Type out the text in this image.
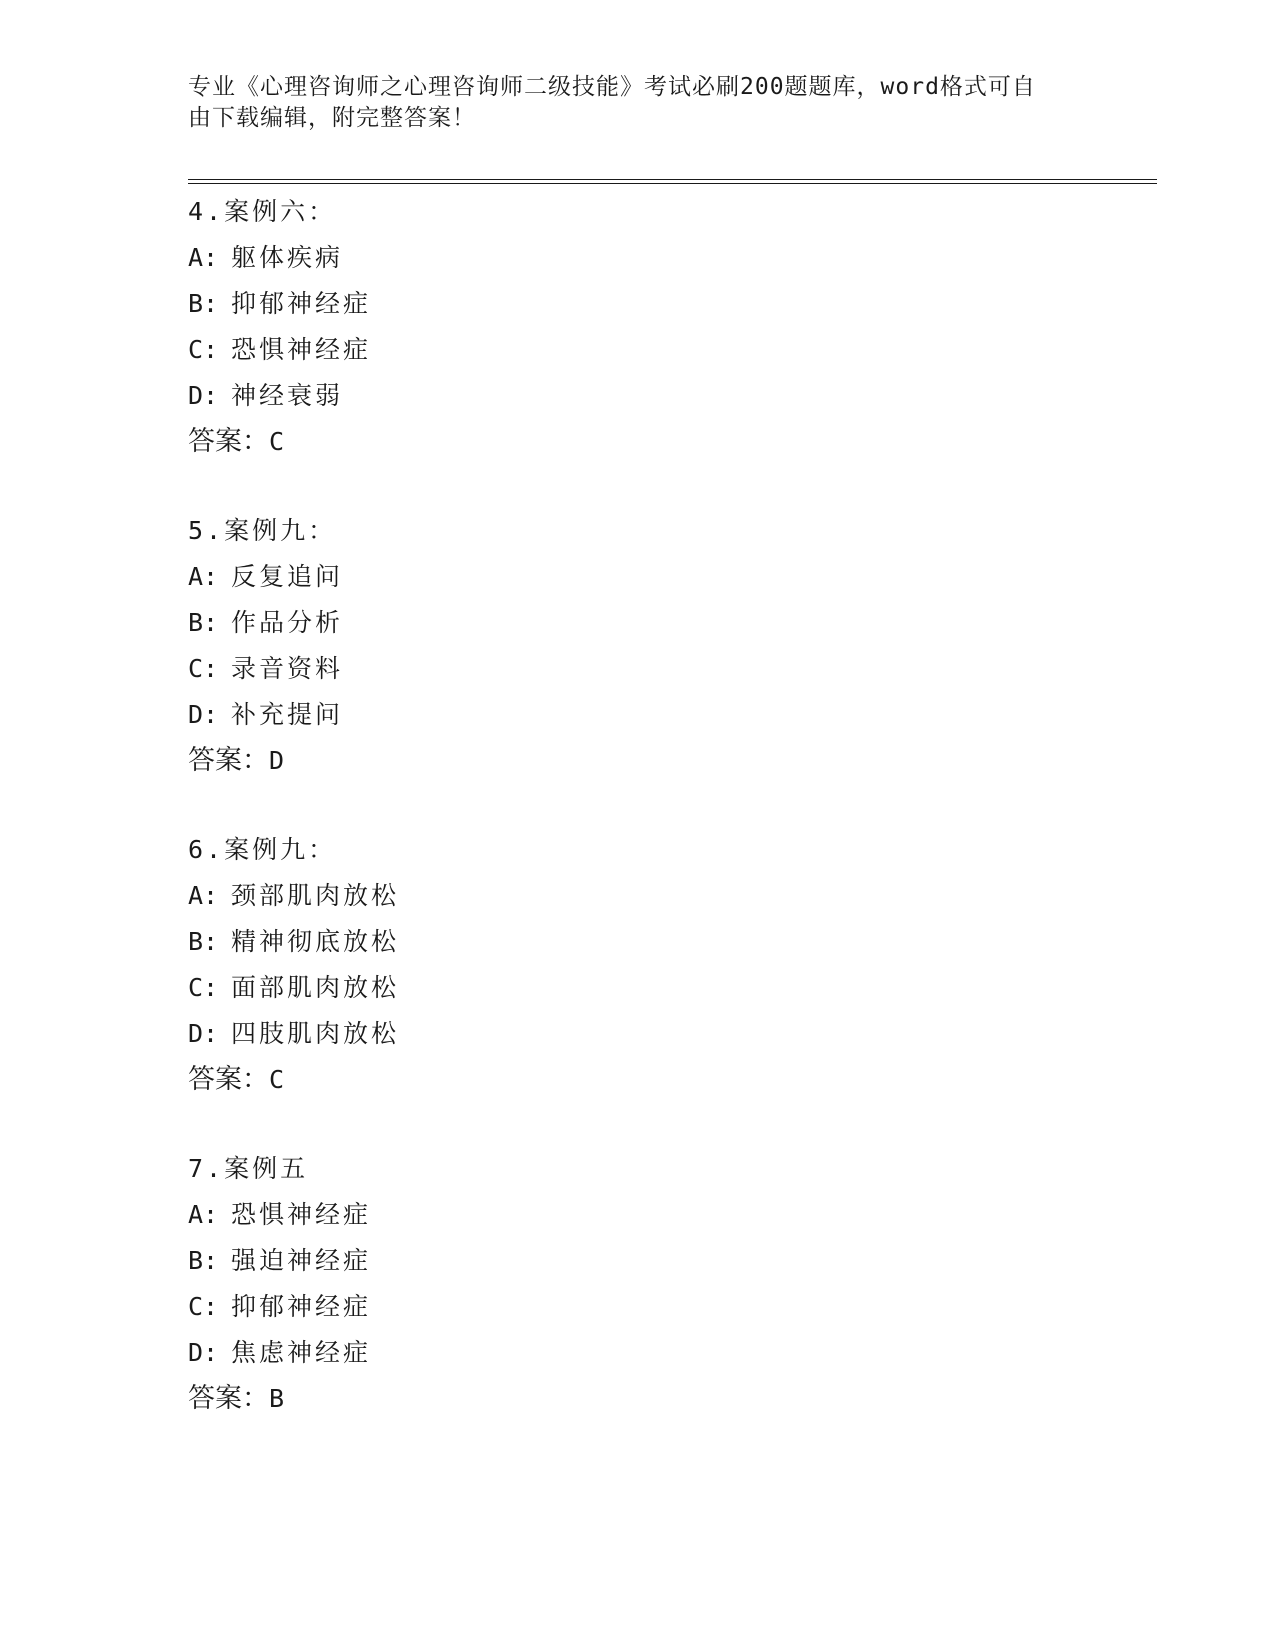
专业《心理咨询师之心理咨询师二级技能》考试必刷200题题库，word格式可自
由下载编辑，附完整答案！
4.案例六：
A: 躯体疾病
B: 抑郁神经症
C: 恐惧神经症
D: 神经衰弱
答案：C
5.案例九：
A: 反复追问
B: 作品分析
C: 录音资料
D: 补充提问
答案：D
6.案例九：
A: 颈部肌肉放松
B: 精神彻底放松
C: 面部肌肉放松
D: 四肢肌肉放松
答案：C
7.案例五
A: 恐惧神经症
B: 强迫神经症
C: 抑郁神经症
D: 焦虑神经症
答案：B
